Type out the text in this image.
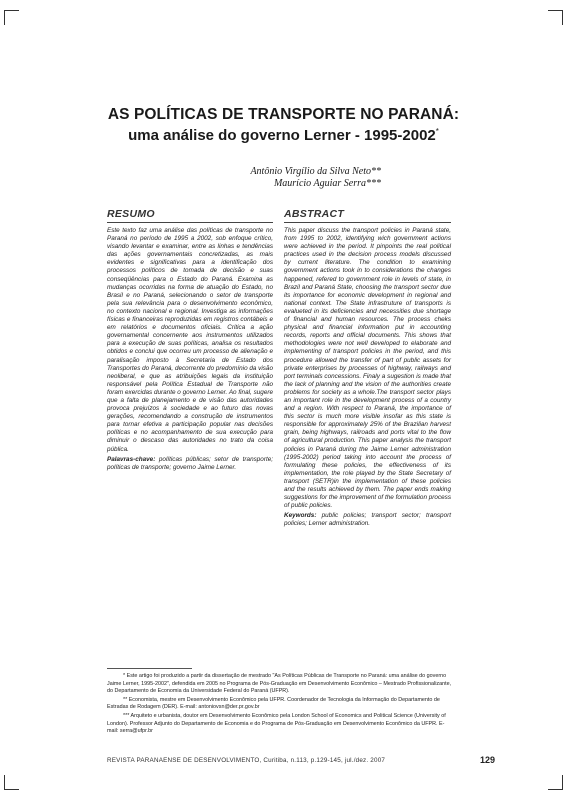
AS POLÍTICAS DE TRANSPORTE NO PARANÁ:
uma análise do governo Lerner - 1995-2002*
Antônio Virgílio da Silva Neto**
Maurício Aguiar Serra***
RESUMO

Este texto faz uma análise das políticas de transporte no Paraná no período de 1995 a 2002, sob enfoque crítico, visando levantar e examinar, entre as linhas e tendências das ações governamentais concretizadas, as mais evidentes e significativas para a identificação dos processos políticos de tomada de decisão e suas conseqüências para o Estado do Paraná. Examina as mudanças ocorridas na forma de atuação do Estado, no Brasil e no Paraná, selecionando o setor de transporte pela sua relevância para o desenvolvimento econômico, no contexto nacional e regional. Investiga as informações físicas e financeiras reproduzidas em registros contábeis e em relatórios e documentos oficiais. Critica a ação governamental concernente aos instrumentos utilizados para a execução de suas políticas, analisa os resultados obtidos e conclui que ocorreu um processo de alienação e paralisação imposto à Secretaria de Estado dos Transportes do Paraná, decorrente do predomínio da visão neoliberal, e que as atribuições legais da instituição responsável pela Política Estadual de Transporte não foram exercidas durante o governo Lerner. Ao final, sugere que a falta de planejamento e de visão das autoridades provoca prejuízos à sociedade e ao futuro das novas gerações, recomendando a construção de instrumentos para tornar efetiva a participação popular nas decisões políticas e no acompanhamento de sua execução para diminuir o descaso das autoridades no trato da coisa pública.

Palavras-chave: políticas públicas; setor de transporte; políticas de transporte; governo Jaime Lerner.

ABSTRACT

This paper discuss the transport policies in Paraná state, from 1995 to 2002, identifying wich government actions were achieved in the period. It pinpoints the real political practices used in the decision process models discussed by current literature. The condition to examining government actions took in to considerations the changes happened, refered to government role in levels of state, in Brazil and Paraná State, choosing the transport sector due its importance for economic development in regional and national context. The State infrastruture of transports is evalueted in its deficiencies and necessities due shortage of financial and human resources. The process cheks physical and financial information put in accounting records, reports and official documents. This shows that methodologies were not well developed to elaborate and implementing of transport policies in the period, and this procedure allowed the transfer of part of public assets for private enterprises by processes of highway, railways and port terminals concessions. Finaly a sugestion is made that the lack of planning and the vision of the authorities create problems for society as a whole.The transport sector plays an important role in the development process of a country and a region. With respect to Paraná, the importance of this sector is much more visible insofar as this state is responsible for approximately 25% of the Brazilian harvest grain, being highways, railroads and ports vital to the flow of agricultural production. This paper analysis the transport policies in Paraná during the Jaime Lerner administration (1995-2002) period taking into account the process of formulating these policies, the effectiveness of its implementation, the role played by the State Secretary of transport (SETR)in the implementation of these policies and the results achieved by them. The paper ends making suggestions for the improvement of the formulation process of public policies.

Keywords: public policies; transport sector; transport policies; Lerner administration.

* Este artigo foi produzido a partir da dissertação de mestrado "As Políticas Públicas de Transporte no Paraná: uma análise do governo Jaime Lerner, 1995-2002", defendida em 2005 no Programa de Pós-Graduação em Desenvolvimento Econômico – Mestrado Profissionalizante, do Departamento de Economia da Universidade Federal do Paraná (UFPR).

** Economista, mestre em Desenvolvimento Econômico pela UFPR. Coordenador de Tecnologia da Informação do Departamento de Estradas de Rodagem (DER). E-mail: antoniovsn@der.pr.gov.br

*** Arquiteto e urbanista, doutor em Desenvolvimento Econômico pela London School of Economics and Political Science (University of London). Professor Adjunto do Departamento de Economia e do Programa de Pós-Graduação em Desenvolvimento Econômico da UFPR. E-mail: serra@ufpr.br

REVISTA PARANAENSE DE DESENVOLVIMENTO, Curitiba, n.113, p.129-145, jul./dez. 2007	129
